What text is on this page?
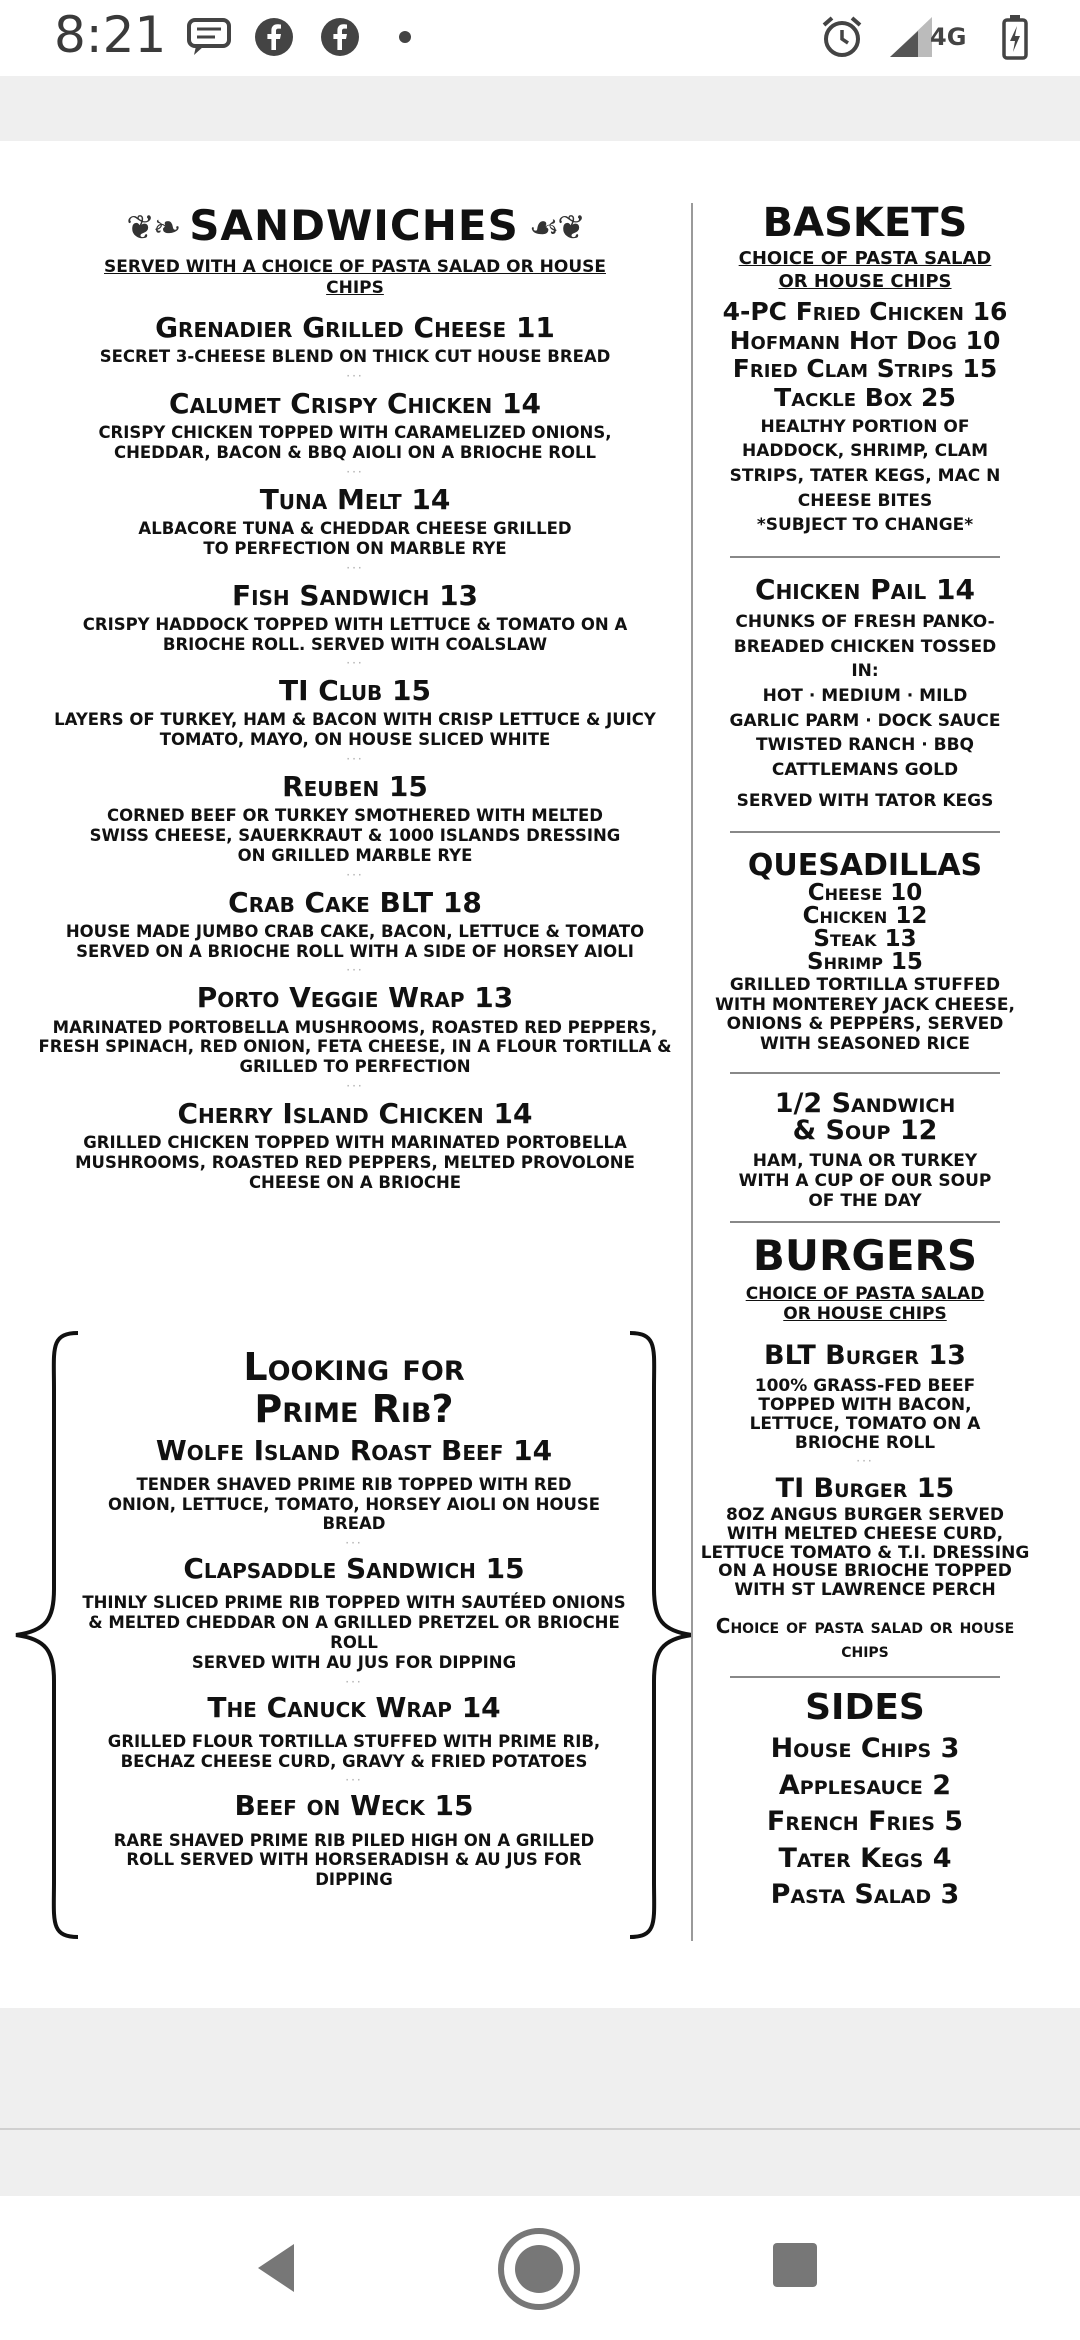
8:21	4G
❦❧ SANDWICHES ☙❦
SERVED WITH A CHOICE OF PASTA SALAD OR HOUSE CHIPS
Grenadier Grilled Cheese 11
SECRET 3-CHEESE BLEND ON THICK CUT HOUSE BREAD
···
Calumet Crispy Chicken 14
CRISPY CHICKEN TOPPED WITH CARAMELIZED ONIONS, CHEDDAR, BACON & BBQ AIOLI ON A BRIOCHE ROLL
···
Tuna Melt 14
ALBACORE TUNA & CHEDDAR CHEESE GRILLED TO PERFECTION ON MARBLE RYE
···
Fish Sandwich 13
CRISPY HADDOCK TOPPED WITH LETTUCE & TOMATO ON A BRIOCHE ROLL. SERVED WITH COALSLAW
···
TI Club 15
LAYERS OF TURKEY, HAM & BACON WITH CRISP LETTUCE & JUICY TOMATO, MAYO, ON HOUSE SLICED WHITE
···
Reuben 15
CORNED BEEF OR TURKEY SMOTHERED WITH MELTED SWISS CHEESE, SAUERKRAUT & 1000 ISLANDS DRESSING ON GRILLED MARBLE RYE
···
Crab Cake BLT 18
HOUSE MADE JUMBO CRAB CAKE, BACON, LETTUCE & TOMATO SERVED ON A BRIOCHE ROLL WITH A SIDE OF HORSEY AIOLI
···
Porto Veggie Wrap 13
MARINATED PORTOBELLA MUSHROOMS, ROASTED RED PEPPERS, FRESH SPINACH, RED ONION, FETA CHEESE, IN A FLOUR TORTILLA & GRILLED TO PERFECTION
···
Cherry Island Chicken 14
GRILLED CHICKEN TOPPED WITH MARINATED PORTOBELLA MUSHROOMS, ROASTED RED PEPPERS, MELTED PROVOLONE CHEESE ON A BRIOCHE
Looking for
Prime Rib?
Wolfe Island Roast Beef 14
TENDER SHAVED PRIME RIB TOPPED WITH RED ONION, LETTUCE, TOMATO, HORSEY AIOLI ON HOUSE BREAD
···
Clapsaddle Sandwich 15
THINLY SLICED PRIME RIB TOPPED WITH SAUTÉED ONIONS & MELTED CHEDDAR ON A GRILLED PRETZEL OR BRIOCHE ROLL
SERVED WITH AU JUS FOR DIPPING
···
The Canuck Wrap 14
GRILLED FLOUR TORTILLA STUFFED WITH PRIME RIB, BECHAZ CHEESE CURD, GRAVY & FRIED POTATOES
···
Beef on Weck 15
RARE SHAVED PRIME RIB PILED HIGH ON A GRILLED ROLL SERVED WITH HORSERADISH & AU JUS FOR DIPPING
BASKETS
CHOICE OF PASTA SALAD OR HOUSE CHIPS
4-PC Fried Chicken 16
Hofmann Hot Dog 10
Fried Clam Strips 15
Tackle Box 25
HEALTHY PORTION OF HADDOCK, SHRIMP, CLAM STRIPS, TATER KEGS, MAC N CHEESE BITES
*SUBJECT TO CHANGE*
Chicken Pail 14
CHUNKS OF FRESH PANKO-BREADED CHICKEN TOSSED IN:
HOT · MEDIUM · MILD
GARLIC PARM · DOCK SAUCE
TWISTED RANCH · BBQ
CATTLEMANS GOLD
SERVED WITH TATOR KEGS
QUESADILLAS
Cheese 10
Chicken 12
Steak 13
Shrimp 15
GRILLED TORTILLA STUFFED WITH MONTEREY JACK CHEESE, ONIONS & PEPPERS, SERVED WITH SEASONED RICE
1/2 Sandwich
& Soup 12
HAM, TUNA OR TURKEY WITH A CUP OF OUR SOUP OF THE DAY
BURGERS
CHOICE OF PASTA SALAD OR HOUSE CHIPS
BLT Burger 13
100% GRASS-FED BEEF TOPPED WITH BACON, LETTUCE, TOMATO ON A BRIOCHE ROLL
···
TI Burger 15
8OZ ANGUS BURGER SERVED WITH MELTED CHEESE CURD, LETTUCE TOMATO & T.I. DRESSING ON A HOUSE BRIOCHE TOPPED WITH ST LAWRENCE PERCH
Choice of pasta salad or house chips
SIDES
House Chips 3
Applesauce 2
French Fries 5
Tater Kegs 4
Pasta Salad 3
